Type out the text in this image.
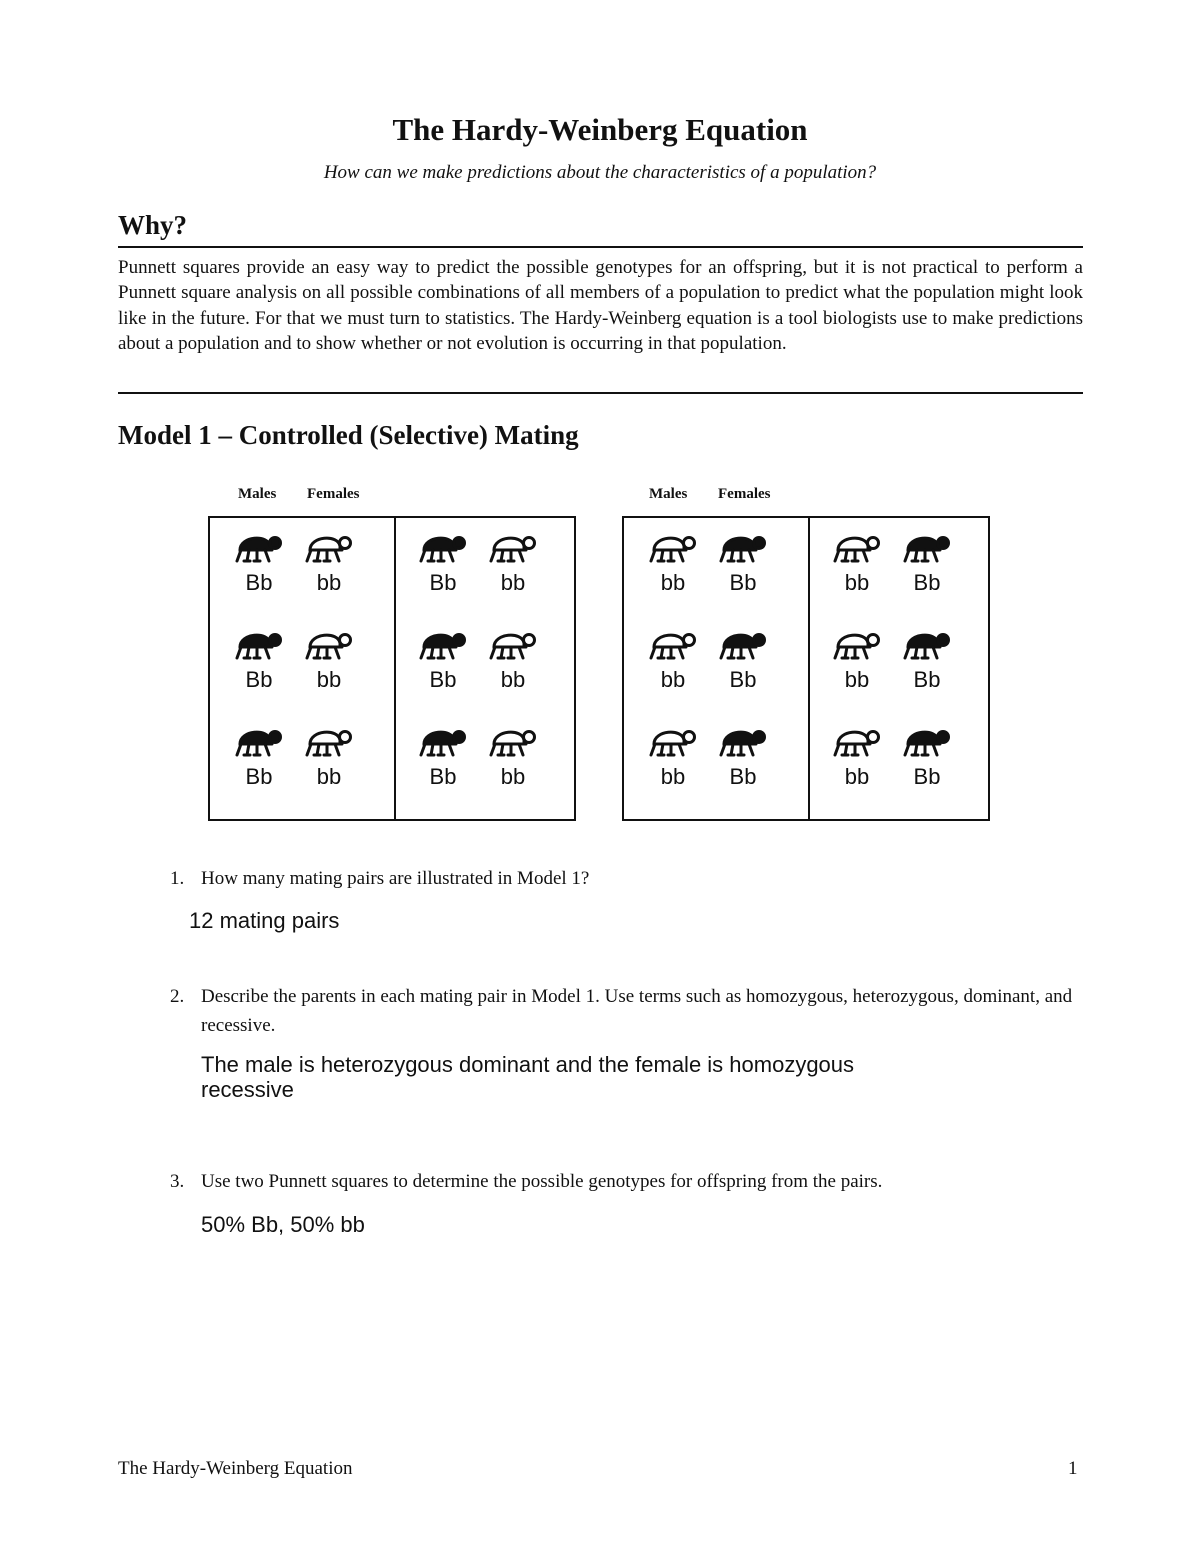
The Hardy-Weinberg Equation
How can we make predictions about the characteristics of a population?
Why?
Punnett squares provide an easy way to predict the possible genotypes for an offspring, but it is not practical to perform a Punnett square analysis on all possible combinations of all members of a population to predict what the population might look like in the future. For that we must turn to statistics. The Hardy-Weinberg equation is a tool biologists use to make predictions about a population and to show whether or not evolution is occurring in that population.
Model 1 – Controlled (Selective) Mating
Males Females	Males Females
Bb	bb
Bb	bb
Bb	bb
Bb	bb
Bb	bb
Bb	bb
bb	Bb
bb	Bb
bb	Bb
bb	Bb
bb	Bb
bb	Bb
1. How many mating pairs are illustrated in Model 1?
12 mating pairs
2. Describe the parents in each mating pair in Model 1. Use terms such as homozygous, heterozygous, dominant, and recessive.
The male is heterozygous dominant and the female is homozygous recessive
3. Use two Punnett squares to determine the possible genotypes for offspring from the pairs.
50% Bb, 50% bb
The Hardy-Weinberg Equation	1
